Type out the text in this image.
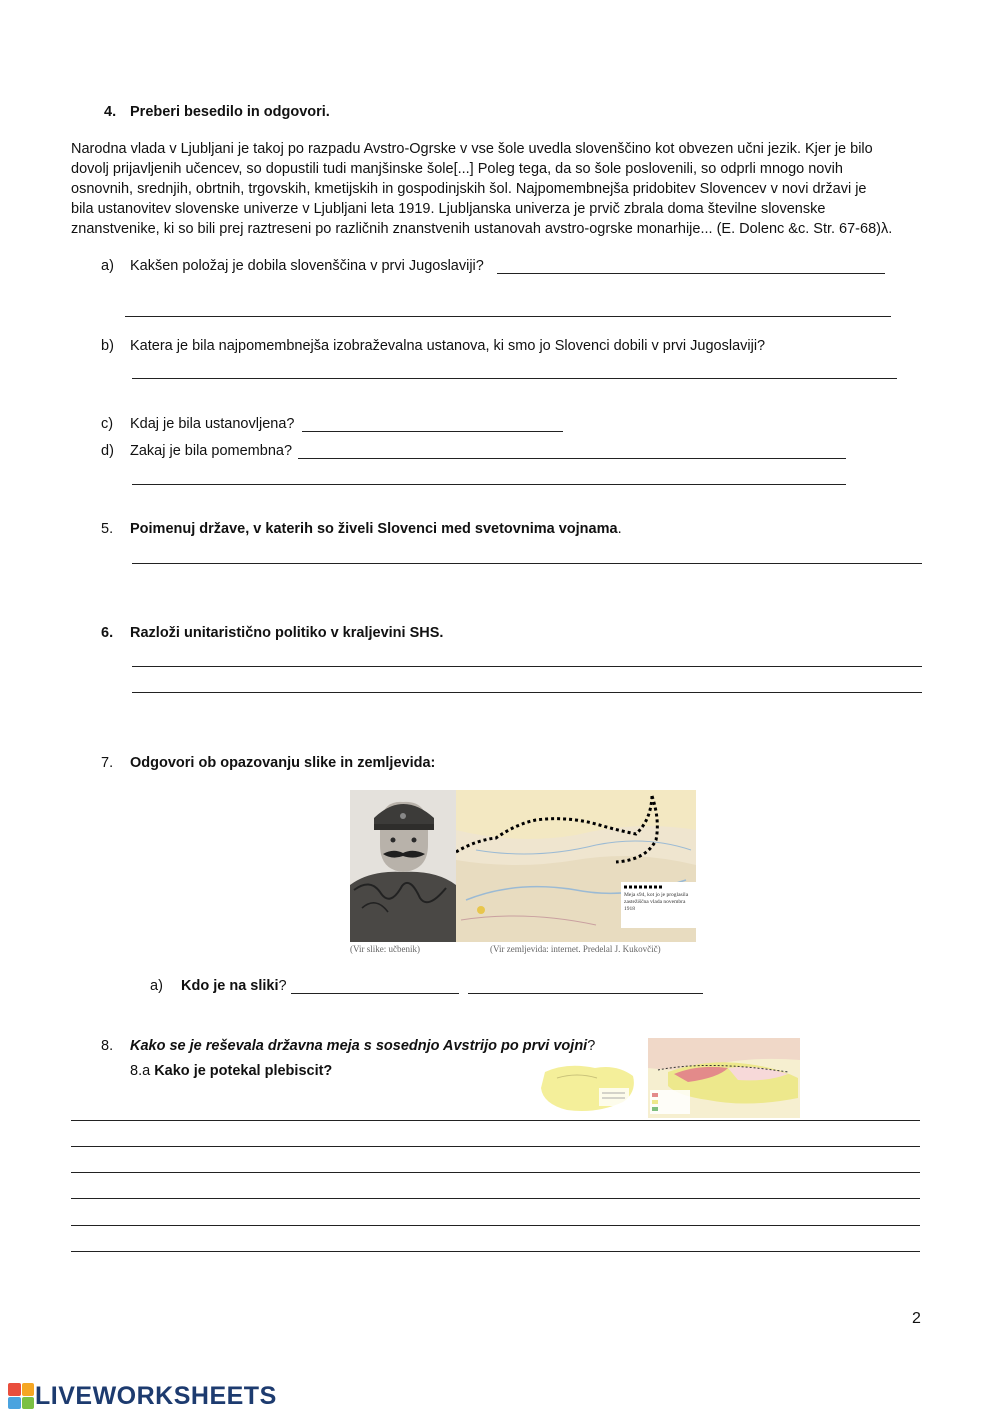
4. Preberi besedilo in odgovori.
Narodna vlada v Ljubljani je takoj po razpadu Avstro-Ogrske v vse šole uvedla slovenščino kot obvezen učni jezik. Kjer je bilo
dovolj prijavljenih učencev, so dopustili tudi manjšinske šole[...] Poleg tega, da so šole poslovenili, so odprli mnogo novih
osnovnih, srednjih, obrtnih, trgovskih, kmetijskih in gospodinjskih šol. Najpomembnejša pridobitev Slovencev v novi državi je
bila ustanovitev slovenske univerze v Ljubljani leta 1919. Ljubljanska univerza je prvič zbrala doma številne slovenske
znanstvenike, ki so bili prej raztreseni po različnih znanstvenih ustanovah avstro-ogrske monarhije... (E. Dolenc &c. Str. 67-68)λ.
a) Kakšen položaj je dobila slovenščina v prvi Jugoslaviji?
b) Katera je bila najpomembnejša izobraževalna ustanova, ki smo jo Slovenci dobili v prvi Jugoslaviji?
c) Kdaj je bila ustanovljena?
d) Zakaj je bila pomembna?
5. Poimenuj države, v katerih so živeli Slovenci med svetovnima vojnama.
6. Razloži unitaristično politiko v kraljevini SHS.
7. Odgovori ob opazovanju slike in zemljevida:
Meja s94, kot jo je proglasila zastežiščna vlada novembra 1918
(Vir slike: učbenik)	(Vir zemljevida: internet. Predelal J. Kukovčič)
a) Kdo je na sliki?
8. Kako se je reševala državna meja s sosednjo Avstrijo po prvi vojni?
8.a Kako je potekal plebiscit?
2
LIVEWORKSHEETS
